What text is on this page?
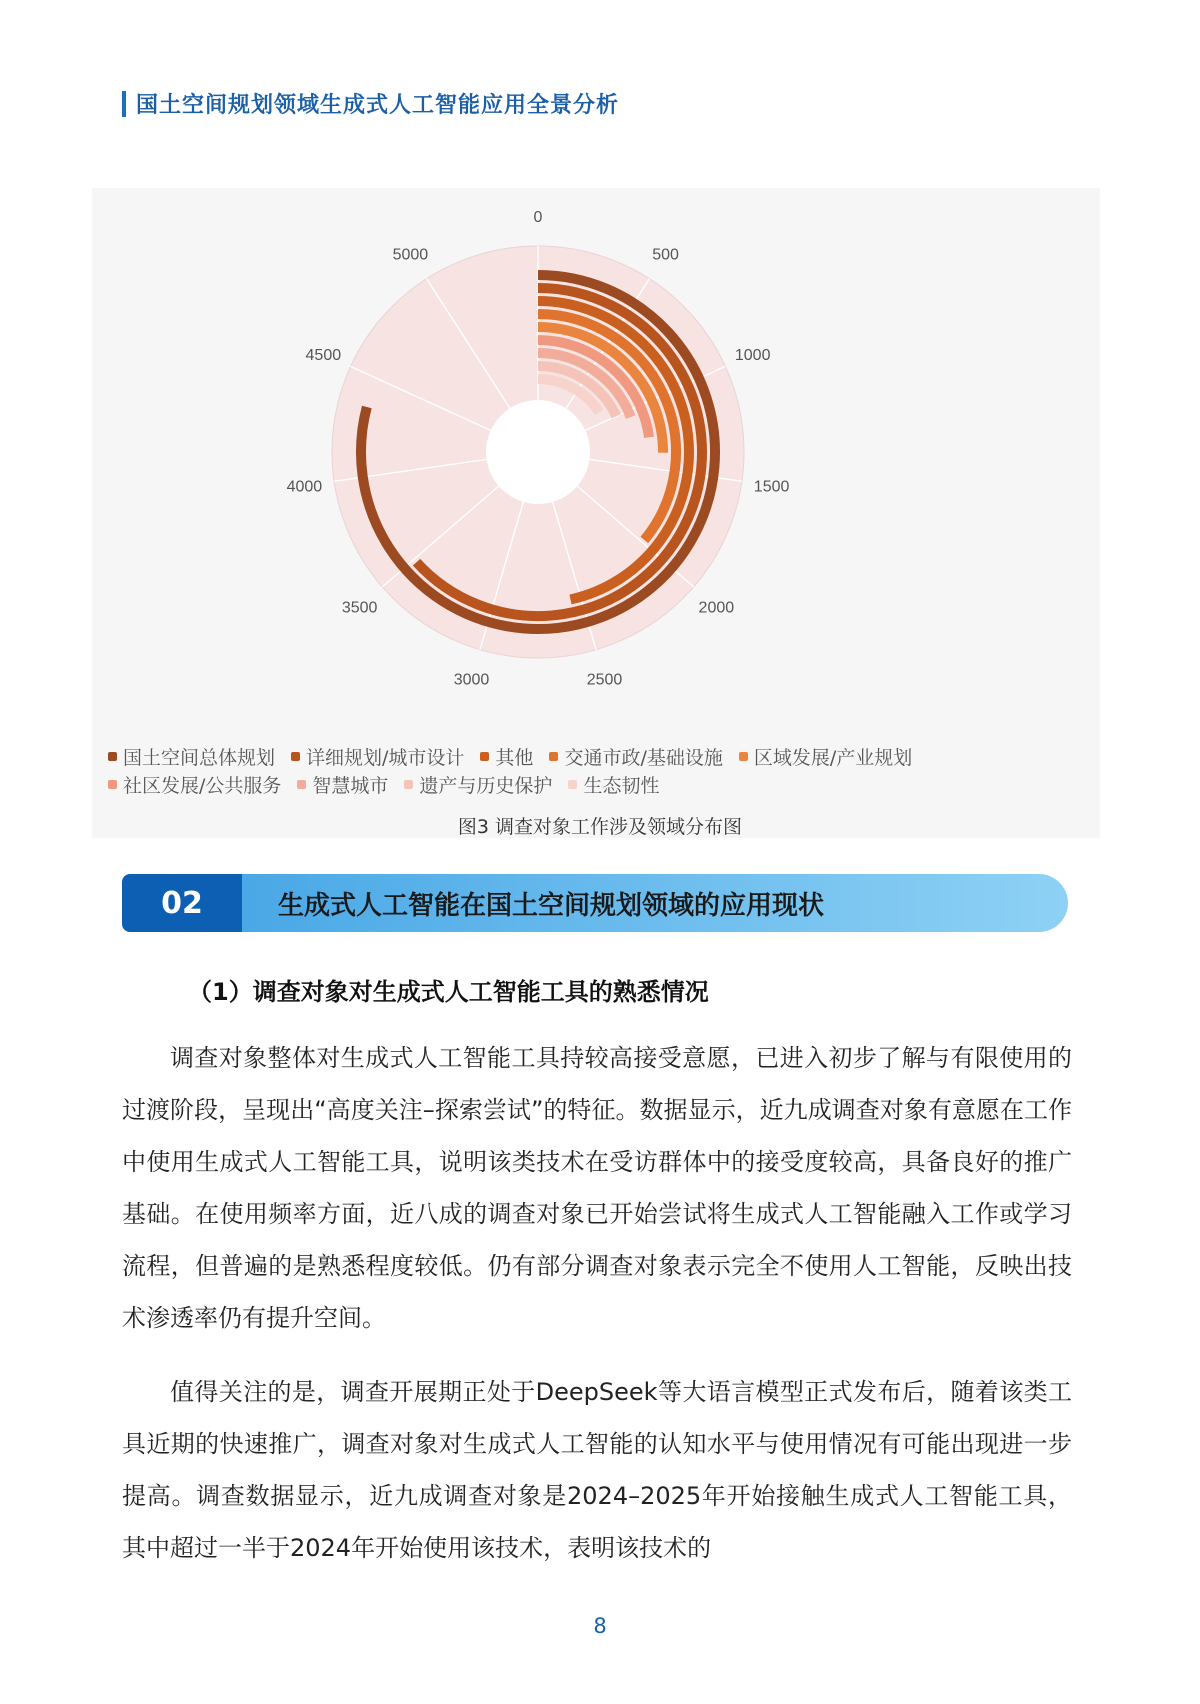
国土空间规划领域生成式人工智能应用全景分析
0
500
1000
1500
2000
2500
3000
3500
4000
4500
5000
国土空间总体规划 详细规划/城市设计 其他 交通市政/基础设施 区域发展/产业规划
社区发展/公共服务 智慧城市 遗产与历史保护 生态韧性
图3 调查对象工作涉及领域分布图
02	生成式人工智能在国土空间规划领域的应用现状
（1）调查对象对生成式人工智能工具的熟悉情况
调查对象整体对生成式人工智能工具持较高接受意愿，已进入初步了解与有限使用的过渡阶段，呈现出“高度关注–探索尝试”的特征。数据显示，近九成调查对象有意愿在工作中使用生成式人工智能工具，说明该类技术在受访群体中的接受度较高，具备良好的推广基础。在使用频率方面，近八成的调查对象已开始尝试将生成式人工智能融入工作或学习流程，但普遍的是熟悉程度较低。仍有部分调查对象表示完全不使用人工智能，反映出技术渗透率仍有提升空间。
值得关注的是，调查开展期正处于DeepSeek等大语言模型正式发布后，随着该类工具近期的快速推广，调查对象对生成式人工智能的认知水平与使用情况有可能出现进一步提高。调查数据显示，近九成调查对象是2024–2025年开始接触生成式人工智能工具，其中超过一半于2024年开始使用该技术，表明该技术的
8
